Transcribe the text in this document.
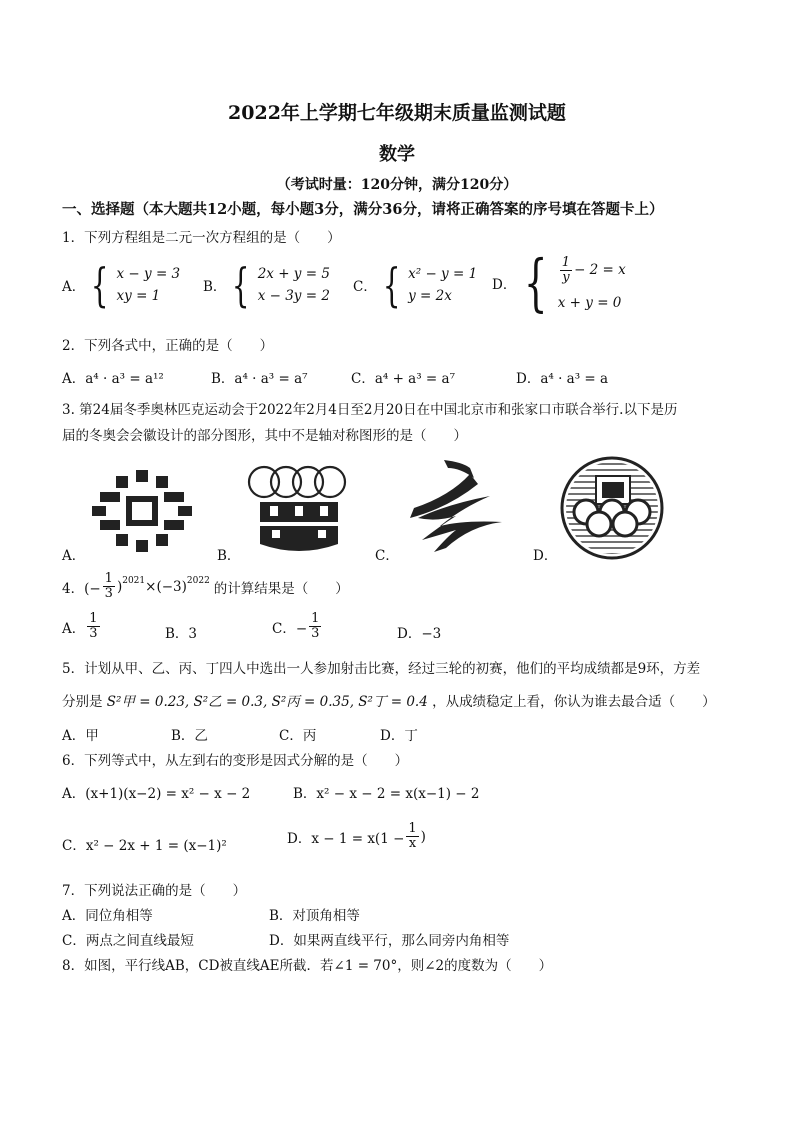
2022年上学期七年级期末质量监测试题
数学
（考试时量：120分钟，满分120分）
一、选择题（本大题共12小题，每小题3分，满分36分，请将正确答案的序号填在答题卡上）
1．下列方程组是二元一次方程组的是（　　）
A． { x − y = 3
xy = 1
B． { 2x + y = 5
x − 3y = 2
C． { x² − y = 1
y = 2x
D． { $\frac{1}{y} - 2 = x$
x + y = 0
2．下列各式中，正确的是（　　）
A．a⁴ · a³ = a¹²	B．a⁴ · a³ = a⁷	C．a⁴ + a³ = a⁷	D．a⁴ · a³ = a
3. 第24届冬季奥林匹克运动会于2022年2月4日至2月20日在中国北京市和张家口市联合举行.以下是历
届的冬奥会会徽设计的部分图形，其中不是轴对称图形的是（　　）
A．	B．	C．	D．
4．(− $\frac{1}{3} )^{2021} \times(-3)^{2022}$ 的计算结果是（　　）
A． $\frac{1}{3}$	B．3	C．− $\frac{1}{3}$	D．−3
5．计划从甲、乙、丙、丁四人中选出一人参加射击比赛，经过三轮的初赛，他们的平均成绩都是9环，方差
分别是 S²甲 = 0.23, S²乙 = 0.3, S²丙 = 0.35, S²丁 = 0.4 ，从成绩稳定上看，你认为谁去最合适（　　）
A．甲	B．乙	C．丙	D．丁
6．下列等式中，从左到右的变形是因式分解的是（　　）
A．(x+1)(x−2) = x² − x − 2	B．x² − x − 2 = x(x−1) − 2
C．x² − 2x + 1 = (x−1)²	D．$x - 1 = x(1 - \frac{1}{x}$ )
7．下列说法正确的是（　　）
A．同位角相等	B．对顶角相等
C．两点之间直线最短	D．如果两直线平行，那么同旁内角相等
8．如图，平行线AB，CD被直线AE所截．若∠1 = 70°，则∠2的度数为（　　）
